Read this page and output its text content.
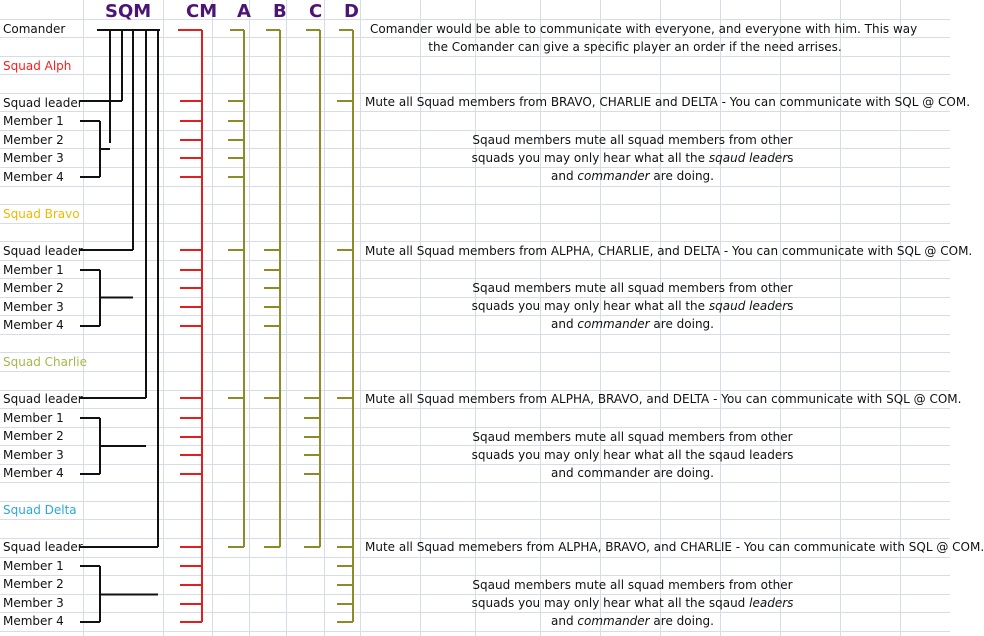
SQM CM A B C D
Comander
Squad Alph
Squad leader
Member 1
Member 2
Member 3
Member 4
Squad Bravo
Squad leader
Member 1
Member 2
Member 3
Member 4
Squad Charlie
Squad leader
Member 1
Member 2
Member 3
Member 4
Squad Delta
Squad leader
Member 1
Member 2
Member 3
Member 4
Comander would be able to communicate with everyone, and everyone with him. This way
the Comander can give a specific player an order if the need arrises.
Mute all Squad members from BRAVO, CHARLIE and DELTA - You can communicate with SQL @ COM.
Sqaud members mute all squad members from other
squads you may only hear what all the sqaud leaders
and commander are doing.
Mute all Squad members from ALPHA, CHARLIE, and DELTA - You can communicate with SQL @ COM.
Sqaud members mute all squad members from other
squads you may only hear what all the sqaud leaders
and commander are doing.
Mute all Squad members from ALPHA, BRAVO, and DELTA - You can communicate with SQL @ COM.
Sqaud members mute all squad members from other
squads you may only hear what all the sqaud leaders
and commander are doing.
Mute all Squad memebers from ALPHA, BRAVO, and CHARLIE - You can communicate with SQL @ COM.
Sqaud members mute all squad members from other
squads you may only hear what all the sqaud leaders
and commander are doing.
